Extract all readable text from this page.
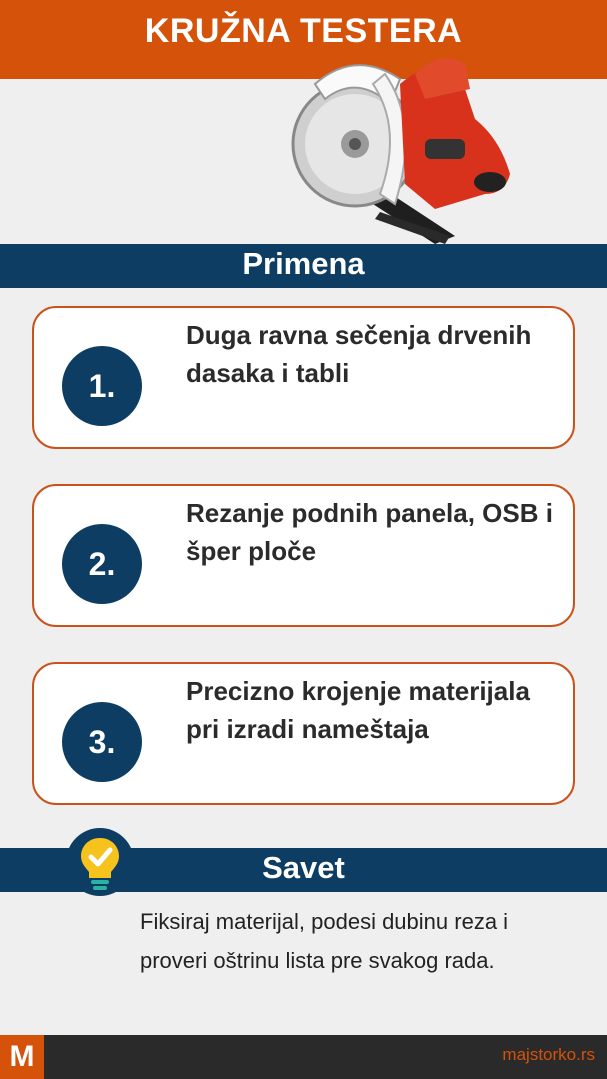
KRUŽNA TESTERA
Primena
1.
Duga ravna sečenja drvenih dasaka i tabli
2.
Rezanje podnih panela, OSB i šper ploče
3.
Precizno krojenje materijala pri izradi nameštaja
Savet
Fiksiraj materijal, podesi dubinu reza i proveri oštrinu lista pre svakog rada.
M	majstorko.rs
